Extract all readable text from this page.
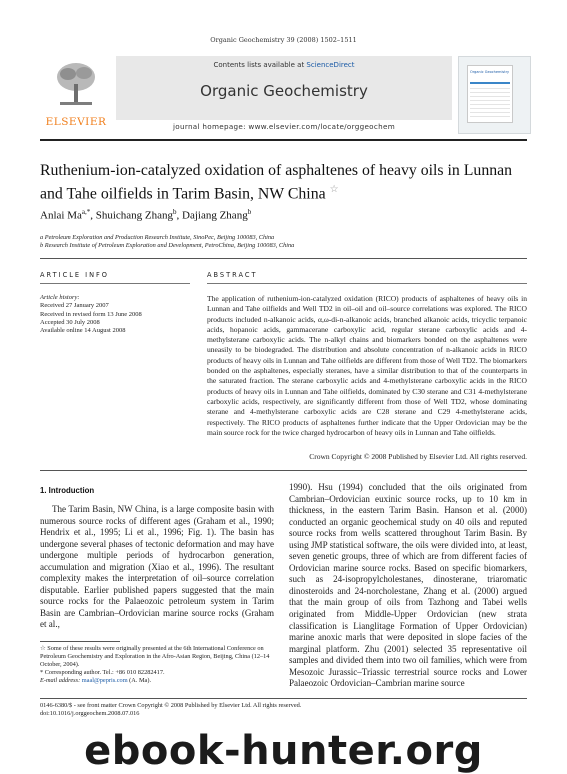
Organic Geochemistry 39 (2008) 1502–1511
ELSEVIER
Contents lists available at ScienceDirect
Organic Geochemistry
Organic Geochemistry
journal homepage: www.elsevier.com/locate/orggeochem
Ruthenium-ion-catalyzed oxidation of asphaltenes of heavy oils in Lunnan and Tahe oilfields in Tarim Basin, NW China ☆
Anlai $Ma^{a,*}$, Shuichang Zhang$^b$, Dajiang Zhang$^b$
a Petroleum Exploration and Production Research Institute, SinoPec, Beijing 100083, China
b Research Institute of Petroleum Exploration and Development, PetroChina, Beijing 100083, China
ARTICLE INFO	ABSTRACT
Article history:
Received 27 January 2007
Received in revised form 13 June 2008
Accepted 30 July 2008
Available online 14 August 2008
The application of ruthenium-ion-catalyzed oxidation (RICO) products of asphaltenes of heavy oils in Lunnan and Tahe oilfields and Well TD2 in oil–oil and oil–source correlations was explored. The RICO products included n-alkanoic acids, α,ω-di-n-alkanoic acids, branched alkanoic acids, tricyclic terpanoic acids, hopanoic acids, gammacerane carboxylic acid, regular sterane carboxylic acids and 4-methylsterane carboxylic acids. The n-alkyl chains and biomarkers bonded on the asphaltenes were uneasily to be biodegraded. The distribution and absolute concentration of n-alkanoic acids in RICO products of heavy oils in Lunnan and Tahe oilfields are different from those of Well TD2. The biomarkers bonded on the asphaltenes, especially steranes, have a similar distribution to that of the counterparts in the saturated fraction. The sterane carboxylic acids and 4-methylsterane carboxylic acids in the RICO products of heavy oils in Lunnan and Tahe oilfields, dominated by C30 sterane and C31 4-methylsterane carboxylic acids, respectively, are significantly different from those of Well TD2, whose dominating sterane and 4-methylsterane carboxylic acids are C28 sterane and C29 4-methylsterane acids, respectively. The RICO products of asphaltenes further indicate that the Upper Ordovician may be the main source rock for the twice charged hydrocarbon of heavy oils in Lunnan and Tahe oilfields.
Crown Copyright © 2008 Published by Elsevier Ltd. All rights reserved.
1. Introduction
The Tarim Basin, NW China, is a large composite basin with numerous source rocks of different ages (Graham et al., 1990; Hendrix et al., 1995; Li et al., 1996; Fig. 1). The basin has undergone several phases of tectonic deformation and may have undergone multiple periods of hydrocarbon generation, accumulation and migration (Xiao et al., 1996). The resultant complexity makes the interpretation of oil–source correlation disputable. Earlier published papers suggested that the main source rocks for the Palaeozoic petroleum system in Tarim Basin are Cambrian–Ordovician marine source rocks (Graham et al.,
1990). Hsu (1994) concluded that the oils originated from Cambrian–Ordovician euxinic source rocks, up to 10 km in thickness, in the eastern Tarim Basin. Hanson et al. (2000) conducted an organic geochemical study on 40 oils and reputed source rocks from wells scattered throughout Tarim Basin. By using JMP statistical software, the oils were divided into, at least, seven genetic groups, three of which are from different facies of Ordovician marine source rocks. Based on specific biomarkers, such as 24-isopropylcholestanes, dinosterane, triaromatic dinosteroids and 24-norcholestane, Zhang et al. (2000) argued that the main group of oils from Tazhong and Tabei wells originated from Middle-Upper Ordovician (new strata classification is Lianglitage Formation of Upper Ordovician) marine anoxic marls that were deposited in slope facies of the marginal platform. Zhu (2001) selected 35 representative oil samples and divided them into two oil families, which were from Mesozoic Jurassic–Triassic terrestrial source rocks and Lower Palaeozoic Ordovician–Cambrian marine source
☆ Some of these results were originally presented at the 6th International Conference on Petroleum Geochemistry and Exploration in the Afro-Asian Region, Beijing, China (12–14 October, 2004).
* Corresponding author. Tel.: +86 010 82282417.
E-mail address: maal@pepris.com (A. Ma).
0146-6380/$ - see front matter Crown Copyright © 2008 Published by Elsevier Ltd. All rights reserved.
doi:10.1016/j.orggeochem.2008.07.016
ebook-hunter.org
